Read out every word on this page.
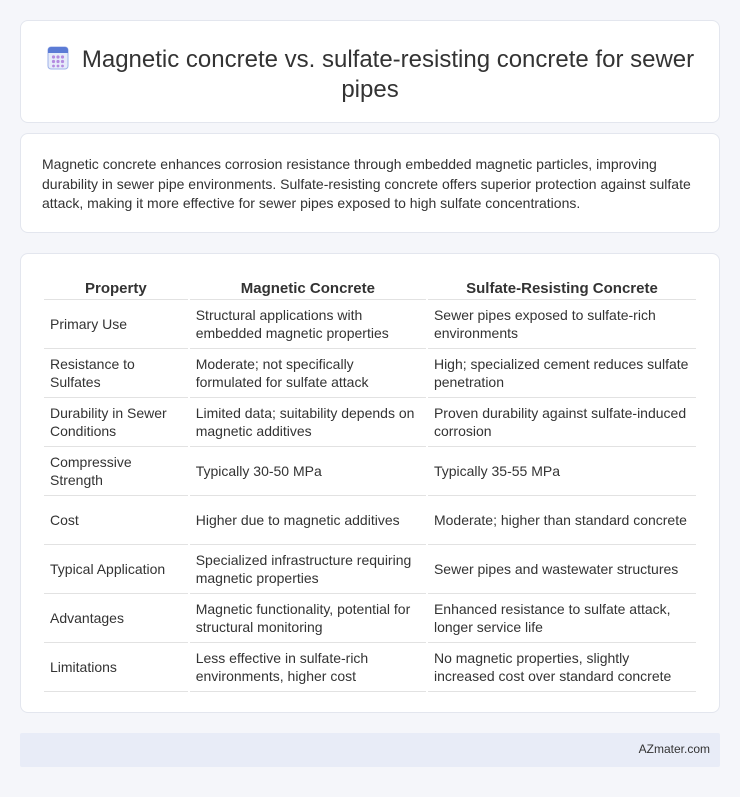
Magnetic concrete vs. sulfate-resisting concrete for sewer pipes

Magnetic concrete enhances corrosion resistance through embedded magnetic particles, improving durability in sewer pipe environments. Sulfate-resisting concrete offers superior protection against sulfate attack, making it more effective for sewer pipes exposed to high sulfate concentrations.

Property	Magnetic Concrete	Sulfate-Resisting Concrete
Primary Use	Structural applications with embedded magnetic properties	Sewer pipes exposed to sulfate-rich environments
Resistance to Sulfates	Moderate; not specifically formulated for sulfate attack	High; specialized cement reduces sulfate penetration
Durability in Sewer Conditions	Limited data; suitability depends on magnetic additives	Proven durability against sulfate-induced corrosion
Compressive Strength	Typically 30-50 MPa	Typically 35-55 MPa
Cost	Higher due to magnetic additives	Moderate; higher than standard concrete
Typical Application	Specialized infrastructure requiring magnetic properties	Sewer pipes and wastewater structures
Advantages	Magnetic functionality, potential for structural monitoring	Enhanced resistance to sulfate attack, longer service life
Limitations	Less effective in sulfate-rich environments, higher cost	No magnetic properties, slightly increased cost over standard concrete
AZmater.com
